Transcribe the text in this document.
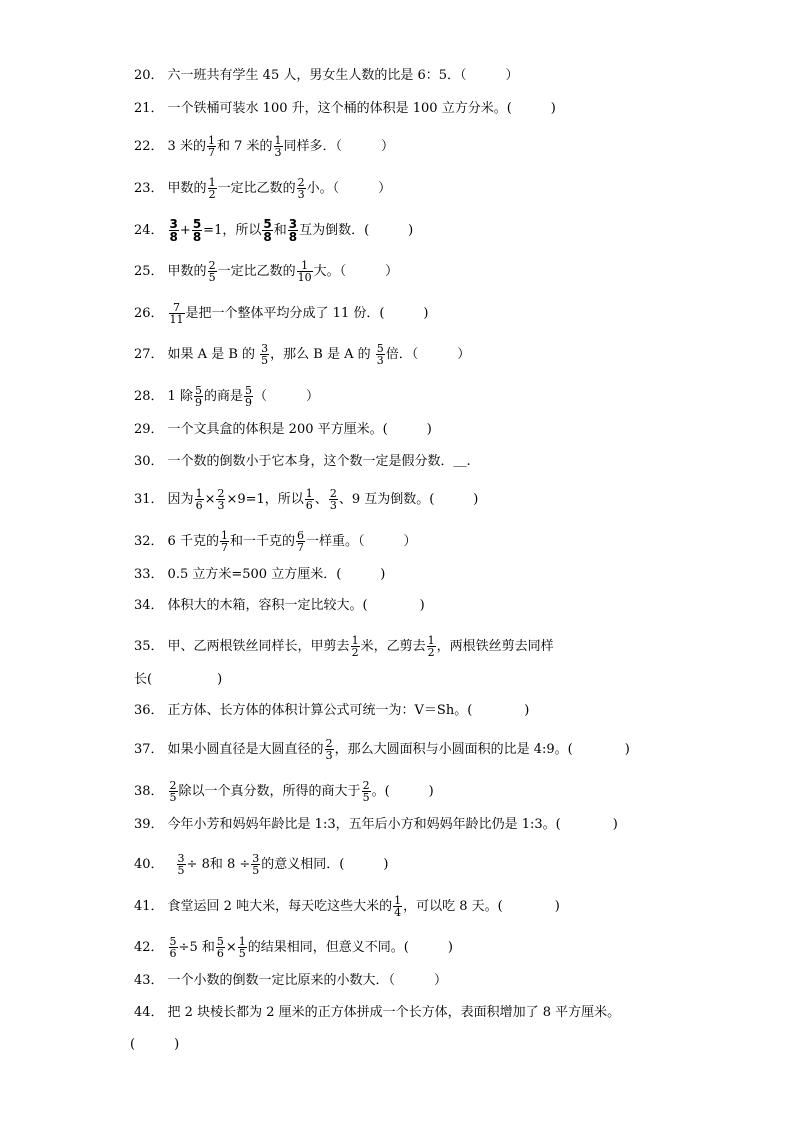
20． 六一班共有学生 45 人，男女生人数的比是 6：5．（　　　）
21． 一个铁桶可装水 100 升，这个桶的体积是 100 立方分米。(　　　)
22． 3 米的 $\frac{1}{7}$ 和 7 米的 $\frac{1}{3}$ 同样多．（　　　）
23． 甲数的 $\frac{1}{2}$ 一定比乙数的 $\frac{2}{3}$ 小。（　　　）
24． $\frac{3}{8} + \frac{5}{8} =1$，所以 $\frac{5}{8}$ 和 $\frac{3}{8}$ 互为倒数．(　　　)
25． 甲数的 $\frac{2}{5}$ 一定比乙数的 $\frac{1}{10}$ 大。（　　　）
26． $\frac{7}{11}$ 是把一个整体平均分成了 11 份．(　　　)
27． 如果 A 是 B 的 $\frac{3}{5}$ ，那么 B 是 A 的 $\frac{5}{3}$ 倍．（　　　）
28． 1 除 $\frac{5}{9}$ 的商是 $\frac{5}{9}$ （　　　）
29． 一个文具盒的体积是 200 平方厘米。(　　　)
30． 一个数的倒数小于它本身，这个数一定是假分数．＿.
31． 因为 $\frac{1}{6} \times \frac{2}{3} \times 9=1$，所以 $\frac{1}{6}$ 、 $\frac{2}{3}$ 、9 互为倒数。(　　　)
32． 6 千克的 $\frac{1}{7}$ 和一千克的 $\frac{6}{7}$ 一样重。（　　　）
33． 0.5 立方米=500 立方厘米．(　　　)
34． 体积大的木箱，容积一定比较大。(　　　　)
35． 甲、乙两根铁丝同样长，甲剪去 $\frac{1}{2}$ 米，乙剪去 $\frac{1}{2}$ ，两根铁丝剪去同样
长(　　　　　)
36． 正方体、长方体的体积计算公式可统一为：V＝Sh。(　　　　)
37． 如果小圆直径是大圆直径的 $\frac{2}{3}$ ，那么大圆面积与小圆面积的比是 4:9。(　　　　)
38． $\frac{2}{5}$ 除以一个真分数，所得的商大于 $\frac{2}{5}$ 。(　　　)
39． 今年小芳和妈妈年龄比是 1:3，五年后小方和妈妈年龄比仍是 1:3。(　　　　)
40． $\frac{3}{5} \div 8$和 $8 \div \frac{3}{5}$ 的意义相同．(　　　)
41． 食堂运回 2 吨大米，每天吃这些大米的 $\frac{1}{4}$ ，可以吃 8 天。(　　　　)
42． $\frac{5}{6} \div 5$ 和 $\frac{5}{6} \times \frac{1}{5}$ 的结果相同，但意义不同。(　　　)
43． 一个小数的倒数一定比原来的小数大．（　　　）
44． 把 2 块棱长都为 2 厘米的正方体拼成一个长方体，表面积增加了 8 平方厘米。
(　　　)
